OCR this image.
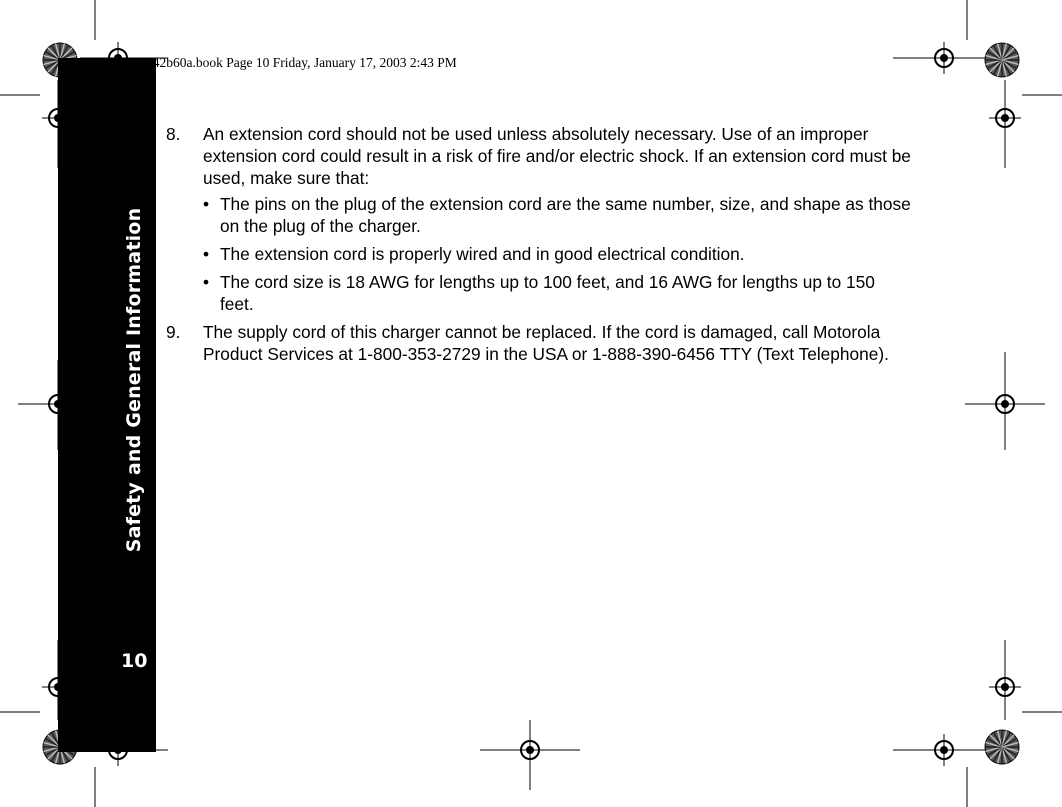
Safety and General Information
10
942b60a.book Page 10 Friday, January 17, 2003 2:43 PM
8. An extension cord should not be used unless absolutely necessary. Use of an improper extension cord could result in a risk of fire and/or electric shock. If an extension cord must be used, make sure that:
• The pins on the plug of the extension cord are the same number, size, and shape as those on the plug of the charger.
• The extension cord is properly wired and in good electrical condition.
• The cord size is 18 AWG for lengths up to 100 feet, and 16 AWG for lengths up to 150 feet.
9. The supply cord of this charger cannot be replaced. If the cord is damaged, call Motorola Product Services at 1-800-353-2729 in the USA or 1-888-390-6456 TTY (Text Telephone).
